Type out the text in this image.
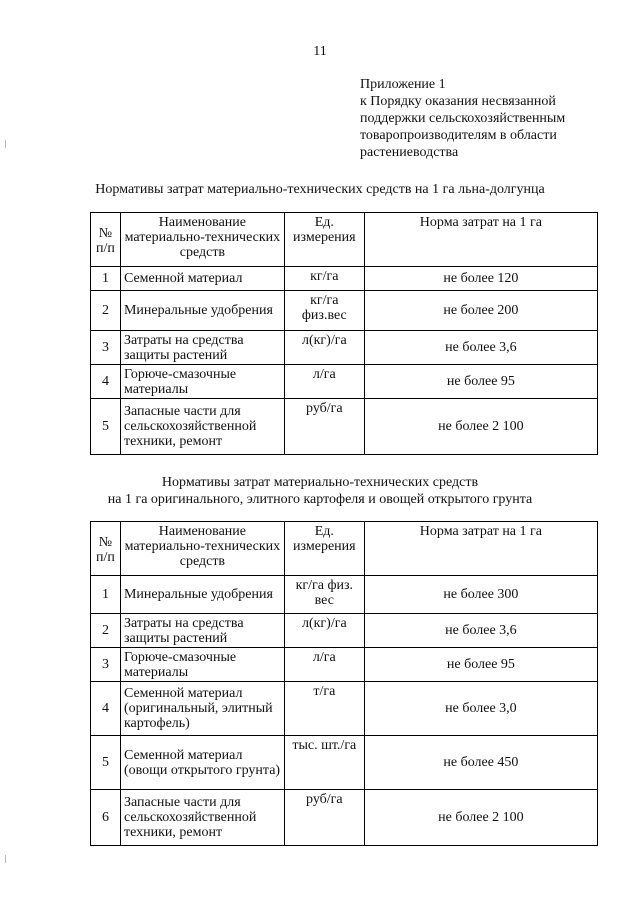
11
Приложение 1
к Порядку оказания несвязанной
поддержки сельскохозяйственным
товаропроизводителям в области
растениеводства
Нормативы затрат материально-технических средств на 1 га льна-долгунца
№ п/п	Наименование материально-технических средств	Ед. измерения	Норма затрат на 1 га
1	Семенной материал	кг/га	не более 120
2	Минеральные удобрения	кг/га физ.вес	не более 200
3	Затраты на средства защиты растений	л(кг)/га	не более 3,6
4	Горюче-смазочные материалы	л/га	не более 95
5	Запасные части для сельскохозяйственной техники, ремонт	руб/га	не более 2 100
Нормативы затрат материально-технических средств
на 1 га оригинального, элитного картофеля и овощей открытого грунта
№ п/п	Наименование материально-технических средств	Ед. измерения	Норма затрат на 1 га
1	Минеральные удобрения	кг/га физ. вес	не более 300
2	Затраты на средства защиты растений	л(кг)/га	не более 3,6
3	Горюче-смазочные материалы	л/га	не более 95
4	Семенной материал (оригинальный, элитный картофель)	т/га	не более 3,0
5	Семенной материал (овощи открытого грунта)	тыс. шт./га	не более 450
6	Запасные части для сельскохозяйственной техники, ремонт	руб/га	не более 2 100
